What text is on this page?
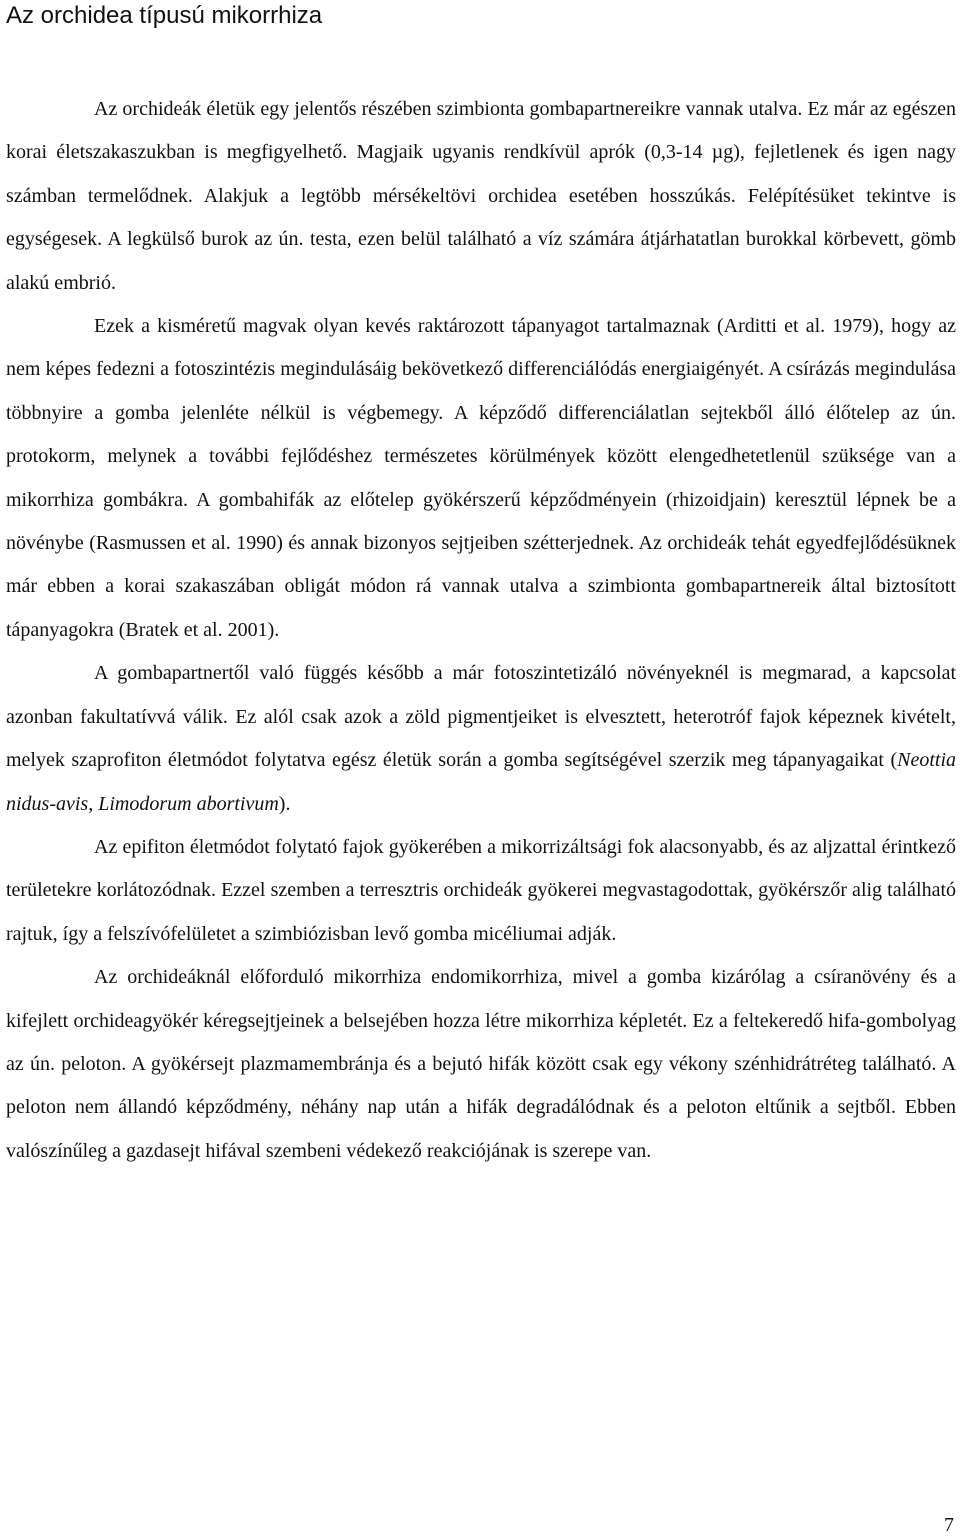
Az orchidea típusú mikorrhiza

Az orchideák életük egy jelentős részében szimbionta gombapartnereikre vannak utalva. Ez már az egészen korai életszakaszukban is megfigyelhető. Magjaik ugyanis rendkívül aprók (0,3-14 µg), fejletlenek és igen nagy számban termelődnek. Alakjuk a legtöbb mérsékeltövi orchidea esetében hosszúkás. Felépítésüket tekintve is egységesek. A legkülső burok az ún. testa, ezen belül található a víz számára átjárhatatlan burokkal körbevett, gömb alakú embrió.

Ezek a kisméretű magvak olyan kevés raktározott tápanyagot tartalmaznak (Arditti et al. 1979), hogy az nem képes fedezni a fotoszintézis megindulásáig bekövetkező differenciálódás energiaigényét. A csírázás megindulása többnyire a gomba jelenléte nélkül is végbemegy. A képződő differenciálatlan sejtekből álló élőtelep az ún. protokorm, melynek a további fejlődéshez természetes körülmények között elengedhetetlenül szüksége van a mikorrhiza gombákra. A gombahifák az előtelep gyökérszerű képződményein (rhizoidjain) keresztül lépnek be a növénybe (Rasmussen et al. 1990) és annak bizonyos sejtjeiben szétterjednek. Az orchideák tehát egyedfejlődésüknek már ebben a korai szakaszában obligát módon rá vannak utalva a szimbionta gombapartnereik által biztosított tápanyagokra (Bratek et al. 2001).

A gombapartnertől való függés később a már fotoszintetizáló növényeknél is megmarad, a kapcsolat azonban fakultatívvá válik. Ez alól csak azok a zöld pigmentjeiket is elvesztett, heterotróf fajok képeznek kivételt, melyek szaprofiton életmódot folytatva egész életük során a gomba segítségével szerzik meg tápanyagaikat (Neottia nidus-avis, Limodorum abortivum).

Az epifiton életmódot folytató fajok gyökerében a mikorrizáltsági fok alacsonyabb, és az aljzattal érintkező területekre korlátozódnak. Ezzel szemben a terresztris orchideák gyökerei megvastagodottak, gyökérszőr alig található rajtuk, így a felszívófelületet a szimbiózisban levő gomba micéliumai adják.

Az orchideáknál előforduló mikorrhiza endomikorrhiza, mivel a gomba kizárólag a csíranövény és a kifejlett orchideagyökér kéregsejtjeinek a belsejében hozza létre mikorrhiza képletét. Ez a feltekeredő hifa-gombolyag az ún. peloton. A gyökérsejt plazmamembránja és a bejutó hifák között csak egy vékony szénhidrátréteg található. A peloton nem állandó képződmény, néhány nap után a hifák degradálódnak és a peloton eltűnik a sejtből. Ebben valószínűleg a gazdasejt hifával szembeni védekező reakciójának is szerepe van.

7
